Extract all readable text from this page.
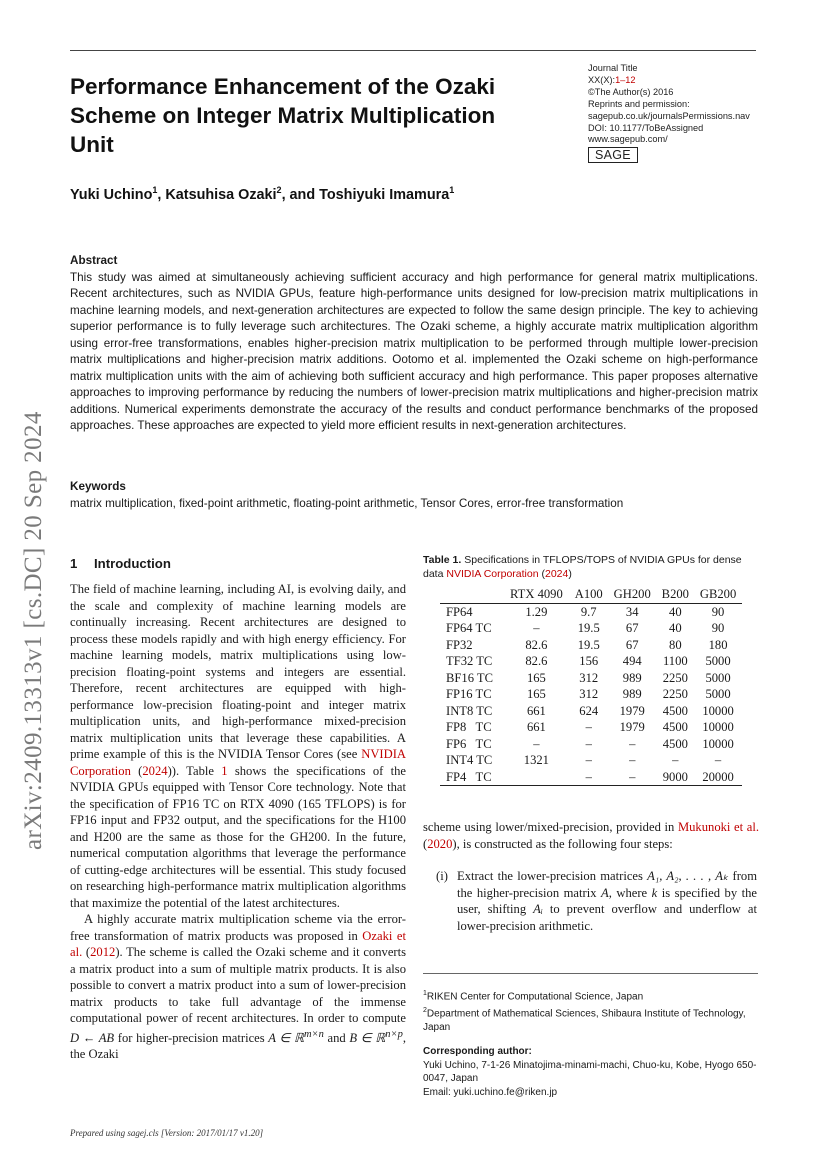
Performance Enhancement of the Ozaki Scheme on Integer Matrix Multiplication Unit
Journal Title
XX(X):1–12
©The Author(s) 2016
Reprints and permission:
sagepub.co.uk/journalsPermissions.nav
DOI: 10.1177/ToBeAssigned
www.sagepub.com/
SAGE
Yuki Uchino$^1$, Katsuhisa Ozaki$^2$, and Toshiyuki Imamura$^1$
arXiv:2409.13313v1 [cs.DC] 20 Sep 2024
Abstract
This study was aimed at simultaneously achieving sufficient accuracy and high performance for general matrix multiplications. Recent architectures, such as NVIDIA GPUs, feature high-performance units designed for low-precision matrix multiplications in machine learning models, and next-generation architectures are expected to follow the same design principle. The key to achieving superior performance is to fully leverage such architectures. The Ozaki scheme, a highly accurate matrix multiplication algorithm using error-free transformations, enables higher-precision matrix multiplication to be performed through multiple lower-precision matrix multiplications and higher-precision matrix additions. Ootomo et al. implemented the Ozaki scheme on high-performance matrix multiplication units with the aim of achieving both sufficient accuracy and high performance. This paper proposes alternative approaches to improving performance by reducing the numbers of lower-precision matrix multiplications and higher-precision matrix additions. Numerical experiments demonstrate the accuracy of the results and conduct performance benchmarks of the proposed approaches. These approaches are expected to yield more efficient results in next-generation architectures.
Keywords
matrix multiplication, fixed-point arithmetic, floating-point arithmetic, Tensor Cores, error-free transformation
1 Introduction

The field of machine learning, including AI, is evolving daily, and the scale and complexity of machine learning models are continually increasing. Recent architectures are designed to process these models rapidly and with high energy efficiency. For machine learning models, matrix multiplications using low-precision floating-point systems and integers are essential. Therefore, recent architectures are equipped with high-performance low-precision floating-point and integer matrix multiplication units, and high-performance mixed-precision matrix multiplication units that leverage these capabilities. A prime example of this is the NVIDIA Tensor Cores (see NVIDIA Corporation (2024)). Table 1 shows the specifications of the NVIDIA GPUs equipped with Tensor Core technology. Note that the specification of FP16 TC on RTX 4090 (165 TFLOPS) is for FP16 input and FP32 output, and the specifications for the H100 and H200 are the same as those for the GH200. In the future, numerical computation algorithms that leverage the performance of cutting-edge architectures will be essential. This study focused on researching high-performance matrix multiplication algorithms that maximize the potential of the latest architectures.

A highly accurate matrix multiplication scheme via the error-free transformation of matrix products was proposed in Ozaki et al. (2012). The scheme is called the Ozaki scheme and it converts a matrix product into a sum of multiple matrix products. It is also possible to convert a matrix product into a sum of lower-precision matrix products to take full advantage of the immense computational power of recent architectures. In order to compute D ← AB for higher-precision matrices A ∈ ℝ$^{m\times n}$ and B ∈ ℝ$^{n\times p}$, the Ozaki

Table 1. Specifications in TFLOPS/TOPS of NVIDIA GPUs for dense data NVIDIA Corporation (2024)
	RTX 4090	A100	GH200	B200	GB200
FP64	1.29	9.7	34	40	90
FP64 TC	–	19.5	67	40	90
FP32	82.6	19.5	67	80	180
TF32 TC	82.6	156	494	1100	5000
BF16 TC	165	312	989	2250	5000
FP16 TC	165	312	989	2250	5000
INT8 TC	661	624	1979	4500	10000
FP8   TC	661	–	1979	4500	10000
FP6   TC	–	–	–	4500	10000
INT4 TC	1321	–	–	–	–
FP4   TC		–	–	9000	20000
scheme using lower/mixed-precision, provided in Mukunoki et al. (2020), is constructed as the following four steps:
(i) Extract the lower-precision matrices A₁, A₂, . . . , Aₖ from the higher-precision matrix A, where k is specified by the user, shifting Aᵢ to prevent overflow and underflow at lower-precision arithmetic.

$^1$RIKEN Center for Computational Science, Japan

$^2$Department of Mathematical Sciences, Shibaura Institute of Technology, Japan

Corresponding author:

Yuki Uchino, 7-1-26 Minatojima-minami-machi, Chuo-ku, Kobe, Hyogo 650-0047, Japan

Email: yuki.uchino.fe@riken.jp

Prepared using sagej.cls [Version: 2017/01/17 v1.20]
